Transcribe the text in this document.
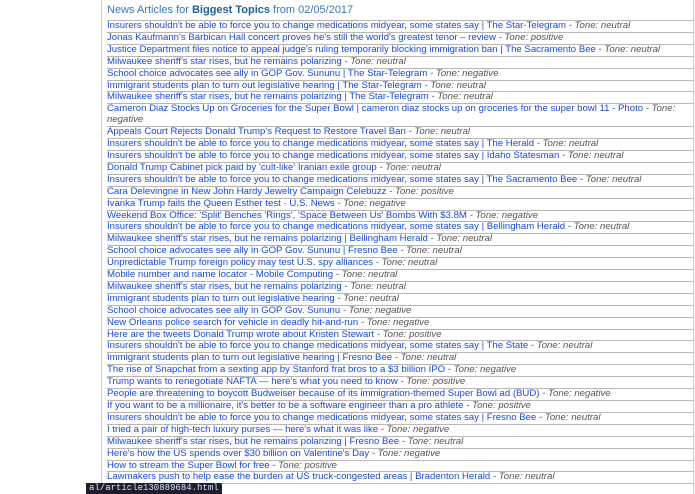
News Articles for Biggest Topics from 02/05/2017
Insurers shouldn't be able to force you to change medications midyear, some states say | The Star-Telegram - Tone: neutral
Jonas Kaufmann's Barbican Hall concert proves he's still the world's greatest tenor – review - Tone: positive
Justice Department files notice to appeal judge's ruling temporarily blocking immigration ban | The Sacramento Bee - Tone: neutral
Milwaukee sheriff's star rises, but he remains polarizing - Tone: neutral
School choice advocates see ally in GOP Gov. Sununu | The Star-Telegram - Tone: negative
Immigrant students plan to turn out legislative hearing | The Star-Telegram - Tone: neutral
Milwaukee sheriff's star rises, but he remains polarizing | The Star-Telegram - Tone: neutral
Cameron Diaz Stocks Up on Groceries for the Super Bowl | cameron diaz stocks up on groceries for the super bowl 11 - Photo - Tone: negative
Appeals Court Rejects Donald Trump's Request to Restore Travel Ban - Tone: neutral
Insurers shouldn't be able to force you to change medications midyear, some states say | The Herald - Tone: neutral
Insurers shouldn't be able to force you to change medications midyear, some states say | Idaho Statesman - Tone: neutral
Donald Trump Cabinet pick paid by 'cult-like' Iranian exile group - Tone: neutral
Insurers shouldn't be able to force you to change medications midyear, some states say | The Sacramento Bee - Tone: neutral
Cara Delevingne in New John Hardy Jewelry Campaign Celebuzz - Tone: positive
Ivanka Trump fails the Queen Esther test · U.S. News - Tone: negative
Weekend Box Office: 'Split' Benches 'Rings', 'Space Between Us' Bombs With $3.8M - Tone: negative
Insurers shouldn't be able to force you to change medications midyear, some states say | Bellingham Herald - Tone: neutral
Milwaukee sheriff's star rises, but he remains polarizing | Bellingham Herald - Tone: neutral
School choice advocates see ally in GOP Gov. Sununu | Fresno Bee - Tone: neutral
Unpredictable Trump foreign policy may test U.S. spy alliances - Tone: neutral
Mobile number and name locator - Mobile Computing - Tone: neutral
Milwaukee sheriff's star rises, but he remains polarizing - Tone: neutral
Immigrant students plan to turn out legislative hearing - Tone: neutral
School choice advocates see ally in GOP Gov. Sununu - Tone: negative
New Orleans police search for vehicle in deadly hit-and-run - Tone: negative
Here are the tweets Donald Trump wrote about Kristen Stewart - Tone: positive
Insurers shouldn't be able to force you to change medications midyear, some states say | The State - Tone: neutral
Immigrant students plan to turn out legislative hearing | Fresno Bee - Tone: neutral
The rise of Snapchat from a sexting app by Stanford frat bros to a $3 billion IPO - Tone: negative
Trump wants to renegotiate NAFTA — here's what you need to know - Tone: positive
People are threatening to boycott Budweiser because of its immigration-themed Super Bowl ad (BUD) - Tone: negative
If you want to be a millionaire, it's better to be a software engineer than a pro athlete - Tone: positive
Insurers shouldn't be able to force you to change medications midyear, some states say | Fresno Bee - Tone: neutral
I tried a pair of high-tech luxury purses — here's what it was like - Tone: negative
Milwaukee sheriff's star rises, but he remains polarizing | Fresno Bee - Tone: neutral
Here's how the US spends over $30 billion on Valentine's Day - Tone: negative
How to stream the Super Bowl for free - Tone: positive
Lawmakers push to help ease the burden at US truck-congested areas | Bradenton Herald - Tone: neutral
al/article130889684.html
